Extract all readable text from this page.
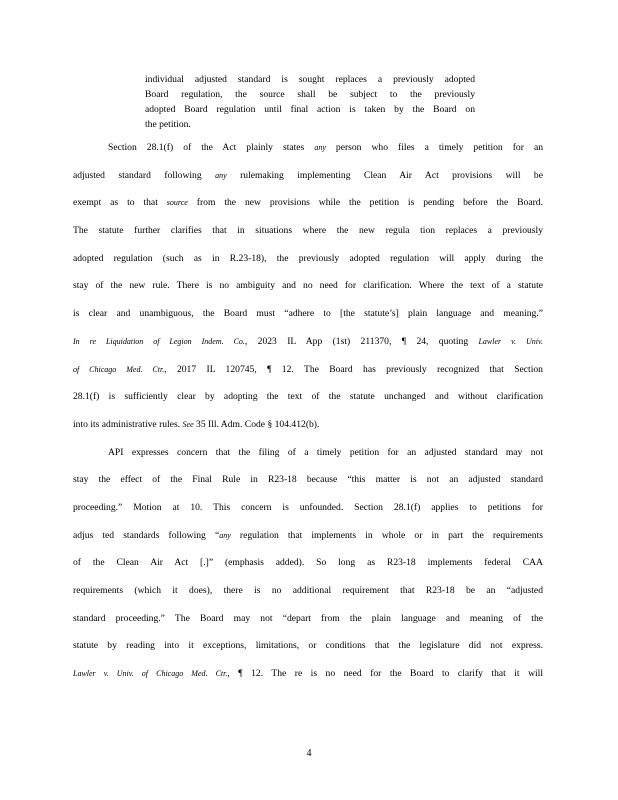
individual adjusted standard is sought replaces a previously adopted
Board regulation, the source shall be subject to the previously
adopted Board regulation until final action is taken by the Board on
the petition.
Section 28.1(f) of the Act plainly states any person who files a timely petition for an
adjusted standard following any rulemaking implementing Clean Air Act provisions will be
exempt as to that source from the new provisions while the petition is pending before the Board.
The statute further clarifies that in situations where the new regula tion replaces a previously
adopted regulation (such as in R.23-18), the previously adopted regulation will apply during the
stay of the new rule. There is no ambiguity and no need for clarification. Where the text of a statute
is clear and unambiguous, the Board must “adhere to [the statute’s] plain language and meaning.”
In re Liquidation of Legion Indem. Co., 2023 IL App (1st) 211370, ¶ 24, quoting Lawler v. Univ.
of Chicago Med. Ctr., 2017 IL 120745, ¶ 12. The Board has previously recognized that Section
28.1(f) is sufficiently clear by adopting the text of the statute unchanged and without clarification
into its administrative rules. See 35 Ill. Adm. Code § 104.412(b).
API expresses concern that the filing of a timely petition for an adjusted standard may not
stay the effect of the Final Rule in R23-18 because “this matter is not an adjusted standard
proceeding.” Motion at 10. This concern is unfounded. Section 28.1(f) applies to petitions for
adjus ted standards following “any regulation that implements in whole or in part the requirements
of the Clean Air Act [.]” (emphasis added). So long as R23-18 implements federal CAA
requirements (which it does), there is no additional requirement that R23-18 be an “adjusted
standard proceeding.” The Board may not “depart from the plain language and meaning of the
statute by reading into it exceptions, limitations, or conditions that the legislature did not express.
Lawler v. Univ. of Chicago Med. Ctr., ¶ 12. The re is no need for the Board to clarify that it will
4
